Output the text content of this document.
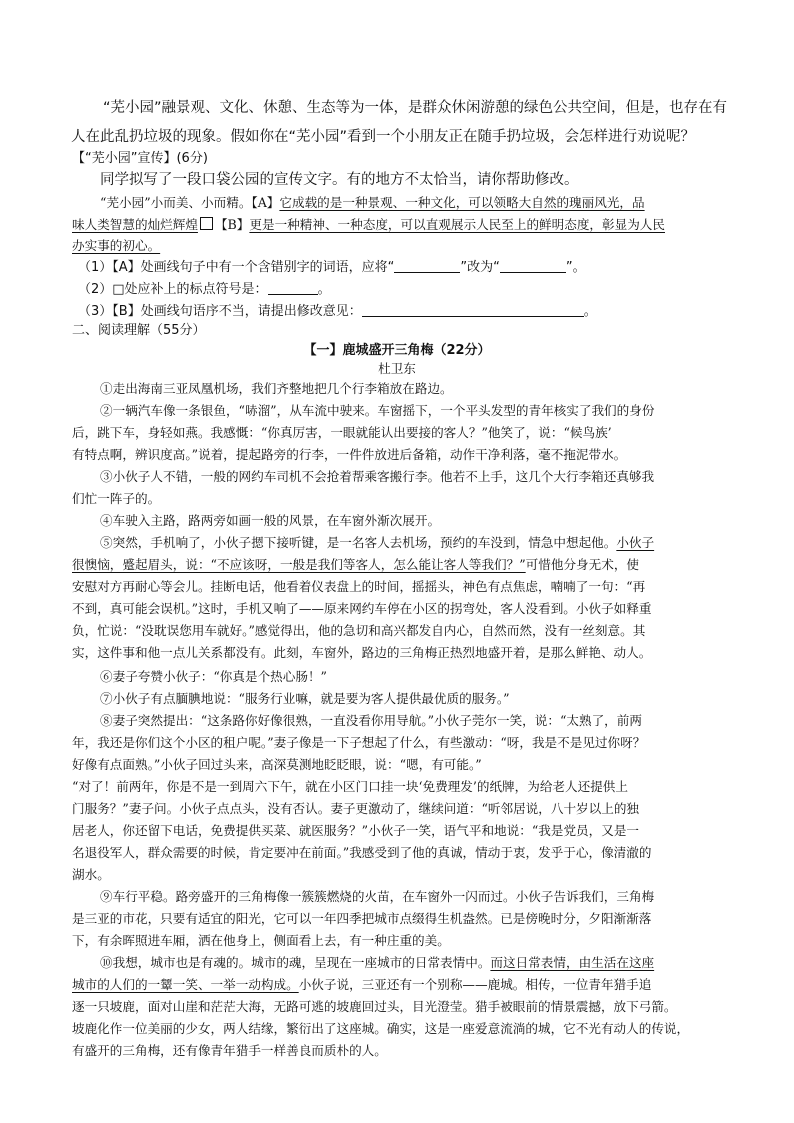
“芜小园”融景观、文化、休憩、生态等为一体，是群众休闲游憩的绿色公共空间，但是，也存在有
人在此乱扔垃圾的现象。假如你在“芜小园”看到一个小朋友正在随手扔垃圾，会怎样进行劝说呢？
【“芜小园”宣传】(6分)
同学拟写了一段口袋公园的宣传文字。有的地方不太恰当，请你帮助修改。
“芜小园”小而美、小而精。【A】它成载的是一种景观、一种文化，可以领略大自然的瑰丽风光，品
味人类智慧的灿烂辉煌 【B】更是一种精神、一种态度，可以直观展示人民至上的鲜明态度，彰显为人民
办实事的初心。
（1）【A】处画线句子中有一个含错别字的词语，应将“	”改为“	”。
（2）□处应补上的标点符号是：	。
（3）【B】处画线句语序不当，请提出修改意见：	。
二、阅读理解（55分）
【一】鹿城盛开三角梅（22分）
杜卫东
①走出海南三亚凤凰机场，我们齐整地把几个行李箱放在路边。
②一辆汽车像一条银鱼，“哧溜”，从车流中驶来。车窗摇下，一个平头发型的青年核实了我们的身份
后，跳下车，身轻如燕。我感慨：“你真厉害，一眼就能认出要接的客人？”他笑了，说：“候鸟族’
有特点啊，辨识度高。”说着，提起路旁的行李，一件件放进后备箱，动作干净利落，毫不拖泥带水。
③小伙子人不错，一般的网约车司机不会抢着帮乘客搬行李。他若不上手，这几个大行李箱还真够我
们忙一阵子的。
④车驶入主路，路两旁如画一般的风景，在车窗外渐次展开。
⑤突然，手机响了，小伙子摁下接听键，是一名客人去机场，预约的车没到，情急中想起他。小伙子
很懊恼，蹙起眉头，说：“不应该呀，一般是我们等客人，怎么能让客人等我们？”可惜他分身无术，使
安慰对方再耐心等会儿。挂断电话，他看着仪表盘上的时间，摇摇头，神色有点焦虑，喃喃了一句：“再
不到，真可能会误机。”这时，手机又响了——原来网约车停在小区的拐弯处，客人没看到。小伙子如释重
负，忙说：“没耽误您用车就好。”感觉得出，他的急切和高兴都发自内心，自然而然，没有一丝刻意。其
实，这件事和他一点儿关系都没有。此刻，车窗外，路边的三角梅正热烈地盛开着，是那么鲜艳、动人。
⑥妻子夸赞小伙子：“你真是个热心肠！”
⑦小伙子有点腼腆地说：“服务行业嘛，就是要为客人提供最优质的服务。”
⑧妻子突然提出：“这条路你好像很熟，一直没看你用导航。”小伙子莞尔一笑，说：“太熟了，前两
年，我还是你们这个小区的租户呢。”妻子像是一下子想起了什么，有些激动：“呀，我是不是见过你呀？
好像有点面熟。”小伙子回过头来，高深莫测地眨眨眼，说：“嗯，有可能。”
“对了！前两年，你是不是一到周六下午，就在小区门口挂一块‘免费理发’的纸牌，为给老人还提供上
门服务？”妻子问。小伙子点点头，没有否认。妻子更激动了，继续问道：“听邻居说，八十岁以上的独
居老人，你还留下电话，免费提供买菜、就医服务？”小伙子一笑，语气平和地说：“我是党员，又是一
名退役军人，群众需要的时候，肯定要冲在前面。”我感受到了他的真诚，情动于衷，发乎于心，像清澈的
湖水。
⑨车行平稳。路旁盛开的三角梅像一簇簇燃烧的火苗，在车窗外一闪而过。小伙子告诉我们，三角梅
是三亚的市花，只要有适宜的阳光，它可以一年四季把城市点缀得生机盎然。已是傍晚时分，夕阳渐渐落
下，有余晖照进车厢，洒在他身上，侧面看上去，有一种庄重的美。
⑩我想，城市也是有魂的。城市的魂，呈现在一座城市的日常表情中。而这日常表情，由生活在这座
城市的人们的一颦一笑、一举一动构成。小伙子说，三亚还有一个别称——鹿城。相传，一位青年猎手追
逐一只坡鹿，面对山崖和茫茫大海，无路可逃的坡鹿回过头，目光澄莹。猎手被眼前的情景震撼，放下弓箭。
坡鹿化作一位美丽的少女，两人结缘，繁衍出了这座城。确实，这是一座爱意流淌的城，它不光有动人的传说，
有盛开的三角梅，还有像青年猎手一样善良而质朴的人。
